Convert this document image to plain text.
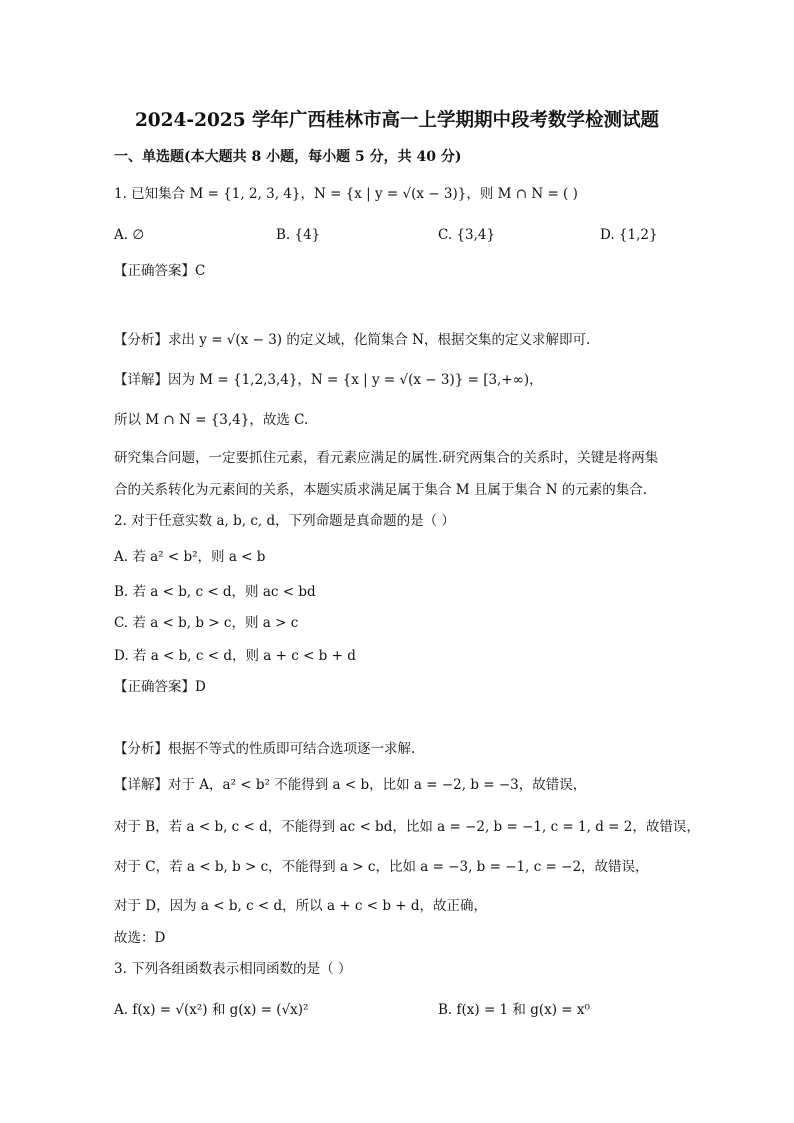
2024-2025 学年广西桂林市高一上学期期中段考数学检测试题
一、单选题(本大题共 8 小题，每小题 5 分，共 40 分)
1. 已知集合 M = {1, 2, 3, 4}，N = {x | y = √(x − 3)}，则 M ∩ N = ( )
A. ∅	B. {4}	C. {3,4}	D. {1,2}
【正确答案】C
【分析】求出 y = √(x − 3) 的定义域，化简集合 N，根据交集的定义求解即可.
【详解】因为 M = {1,2,3,4}，N = {x | y = √(x − 3)} = [3,+∞)，
所以 M ∩ N = {3,4}，故选 C.
研究集合问题，一定要抓住元素，看元素应满足的属性.研究两集合的关系时，关键是将两集
合的关系转化为元素间的关系，本题实质求满足属于集合 M 且属于集合 N 的元素的集合.
2. 对于任意实数 a, b, c, d，下列命题是真命题的是（ ）
A. 若 a² < b²，则 a < b
B. 若 a < b, c < d，则 ac < bd
C. 若 a < b, b > c，则 a > c
D. 若 a < b, c < d，则 a + c < b + d
【正确答案】D
【分析】根据不等式的性质即可结合选项逐一求解.
【详解】对于 A，a² < b² 不能得到 a < b，比如 a = −2, b = −3，故错误，
对于 B，若 a < b, c < d，不能得到 ac < bd，比如 a = −2, b = −1, c = 1, d = 2，故错误，
对于 C，若 a < b, b > c，不能得到 a > c，比如 a = −3, b = −1, c = −2，故错误，
对于 D，因为 a < b, c < d，所以 a + c < b + d，故正确，
故选：D
3. 下列各组函数表示相同函数的是（ ）
A. f(x) = √(x²) 和 g(x) = (√x)²	B. f(x) = 1 和 g(x) = x⁰
